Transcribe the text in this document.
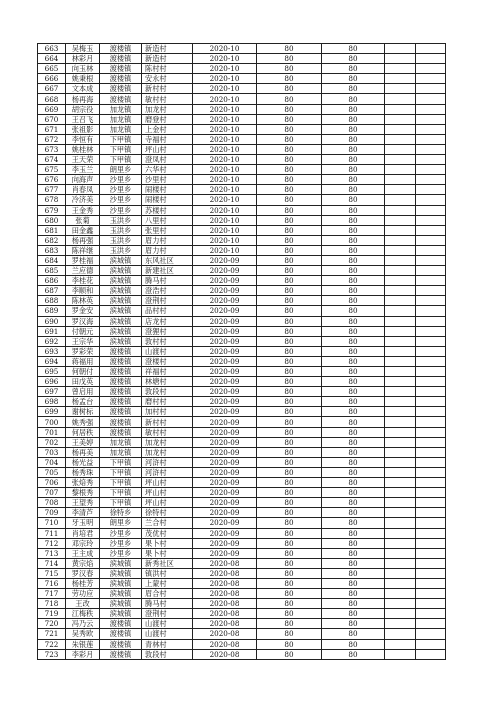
663	吴梅玉	渡楼镇	新造村	2020-10	80	80		
664	林彩月	渡楼镇	新造村	2020-10	80	80		
665	向玉林	渡楼镇	陈村村	2020-10	80	80		
666	姚秉根	渡楼镇	安永村	2020-10	80	80		
667	文本成	渡楼镇	新村村	2020-10	80	80		
668	杨再海	渡楼镇	敏村村	2020-10	80	80		
669	胡宗役	加龙镇	加龙村	2020-10	80	80		
670	王召飞	加龙镇	磨登村	2020-10	80	80		
671	张祖影	加龙镇	上金村	2020-10	80	80		
672	李恒有	下甲镇	寺福村	2020-10	80	80		
673	姚桂林	下甲镇	坪山村	2020-10	80	80		
674	王天荣	下甲镇	澄凤村	2020-10	80	80		
675	李玉兰	朗里乡	六华村	2020-10	80	80		
676	向海声	沙里乡	沙里村	2020-10	80	80		
677	肖春凤	沙里乡	闹楼村	2020-10	80	80		
678	冷济美	沙里乡	闹楼村	2020-10	80	80		
679	王金秀	沙里乡	苏楼村	2020-10	80	80		
680	张菊	玉洪乡	八里村	2020-10	80	80		
681	田金鑫	玉洪乡	张里村	2020-10	80	80		
682	杨再强	玉洪乡	眉力村	2020-10	80	80		
683	陈祥继	玉洪乡	眉力村	2020-10	80	80		
684	罗桂福	滨城镇	东风社区	2020-09	80	80		
685	兰应德	滨城镇	新建社区	2020-09	80	80		
686	李桂花	滨城镇	腾马村	2020-09	80	80		
687	李顺和	滨城镇	澄浩村	2020-09	80	80		
688	陈林英	滨城镇	澄荆村	2020-09	80	80		
689	罗金安	滨城镇	品村村	2020-09	80	80		
690	罗汉海	滨城镇	店龙村	2020-09	80	80		
691	付朝元	滨城镇	澄狸村	2020-09	80	80		
692	王宗华	滨城镇	敦村村	2020-09	80	80		
693	罗彩荣	渡楼镇	山渡村	2020-09	80	80		
694	蒋福用	渡楼镇	澄楼村	2020-09	80	80		
695	何朝付	渡楼镇	祥福村	2020-09	80	80		
696	田戊英	渡楼镇	林塘村	2020-09	80	80		
697	曾启用	渡楼镇	敦段村	2020-09	80	80		
698	杨孟台	渡楼镇	磨村村	2020-09	80	80		
699	谢树标	渡楼镇	加村村	2020-09	80	80		
700	姚秀强	渡楼镇	新村村	2020-09	80	80		
701	何居秩	渡楼镇	敏村村	2020-09	80	80		
702	王美婷	加龙镇	加龙村	2020-09	80	80		
703	杨再美	加龙镇	加龙村	2020-09	80	80		
704	杨光益	下甲镇	河浒村	2020-09	80	80		
705	杨秀珠	下甲镇	河浒村	2020-09	80	80		
706	张焙秀	下甲镇	坪山村	2020-09	80	80		
707	黎根秀	下甲镇	坪山村	2020-09	80	80		
708	王望秀	下甲镇	坪山村	2020-09	80	80		
709	李清芦	徐特乡	徐特村	2020-09	80	80		
710	牙玉明	朗里乡	兰合村	2020-09	80	80		
711	肖培君	沙里乡	茂优村	2020-09	80	80		
712	邓宗玲	沙里乡	果卜村	2020-09	80	80		
713	王主成	沙里乡	果卜村	2020-09	80	80		
714	黄宗焰	滨城镇	新秀社区	2020-08	80	80		
715	罗汉春	滨城镇	镇洪村	2020-08	80	80		
716	杨桂芳	滨城镇	上蒙村	2020-08	80	80		
717	劳功应	滨城镇	眉合村	2020-08	80	80		
718	王改	滨城镇	腾马村	2020-08	80	80		
719	江梅秩	滨城镇	澄荆村	2020-08	80	80		
720	冯乃云	渡楼镇	山渡村	2020-08	80	80		
721	吴秀欧	渡楼镇	山渡村	2020-08	80	80		
722	朱银莲	渡楼镇	青林村	2020-08	80	80		
723	李彩月	渡楼镇	敦段村	2020-08	80	80		
